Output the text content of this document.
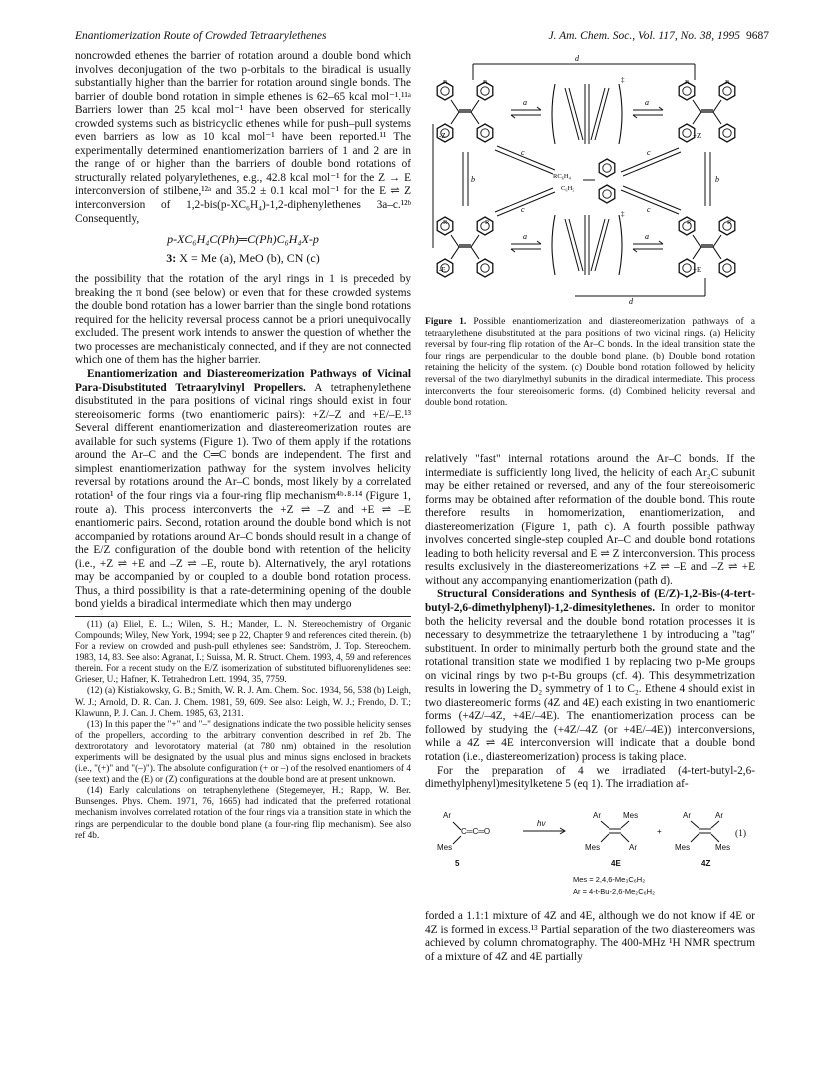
Enantiomerization Route of Crowded Tetraarylethenes	J. Am. Chem. Soc., Vol. 117, No. 38, 1995 9687

noncrowded ethenes the barrier of rotation around a double bond which involves deconjugation of the two p-orbitals to the biradical is usually substantially higher than the barrier for rotation around single bonds. The barrier of double bond rotation in simple ethenes is 62–65 kcal mol⁻¹.¹¹ᵃ Barriers lower than 25 kcal mol⁻¹ have been observed for sterically crowded systems such as bistricyclic ethenes while for push–pull systems even barriers as low as 10 kcal mol⁻¹ have been reported.¹¹ The experimentally determined enantiomerization barriers of 1 and 2 are in the range of or higher than the barriers of double bond rotations of structurally related polyarylethenes, e.g., 42.8 kcal mol⁻¹ for the Z → E interconversion of stilbene,¹²ᵃ and 35.2 ± 0.1 kcal mol⁻¹ for the E ⇌ Z interconversion of 1,2-bis(p-XC₆H₄)-1,2-diphenylethenes 3a–c.¹²ᵇ Consequently,

p-XC₆H₄C(Ph)═C(Ph)C₆H₄X-p
3: X = Me (a), MeO (b), CN (c)

the possibility that the rotation of the aryl rings in 1 is preceded by breaking the π bond (see below) or even that for these crowded systems the double bond rotation has a lower barrier than the single bond rotations required for the helicity reversal process cannot be a priori unequivocally excluded. The present work intends to answer the question of whether the two processes are mechanisticaly connected, and if they are not connected which one of them has the higher barrier.

Enantiomerization and Diastereomerization Pathways of Vicinal Para-Disubstituted Tetraarylvinyl Propellers. A tetraphenylethene disubstituted in the para positions of vicinal rings should exist in four stereoisomeric forms (two enantiomeric pairs): +Z/–Z and +E/–E.¹³ Several different enantiomerization and diastereomerization routes are available for such systems (Figure 1). Two of them apply if the rotations around the Ar–C and the C═C bonds are independent. The first and simplest enantiomerization pathway for the system involves helicity reversal by rotations around the Ar–C bonds, most likely by a correlated rotation¹ of the four rings via a four-ring flip mechanism⁴ᵇ·⁸·¹⁴ (Figure 1, route a). This process interconverts the +Z ⇌ –Z and +E ⇌ –E enantiomeric pairs. Second, rotation around the double bond which is not accompanied by rotations around Ar–C bonds should result in a change of the E/Z configuration of the double bond with retention of the helicity (i.e., +Z ⇌ +E and –Z ⇌ –E, route b). Alternatively, the aryl rotations may be accompanied by or coupled to a double bond rotation process. Thus, a third possibility is that a rate-determining opening of the double bond yields a biradical intermediate which then may undergo

(11) (a) Eliel, E. L.; Wilen, S. H.; Mander, L. N. Stereochemistry of Organic Compounds; Wiley, New York, 1994; see p 22, Chapter 9 and references cited therein. (b) For a review on crowded and push-pull ethylenes see: Sandström, J. Top. Stereochem. 1983, 14, 83. See also: Agranat, I.; Suissa, M. R. Struct. Chem. 1993, 4, 59 and references therein. For a recent study on the E/Z isomerization of substituted bifluorenylidenes see: Grieser, U.; Hafner, K. Tetrahedron Lett. 1994, 35, 7759.

(12) (a) Kistiakowsky, G. B.; Smith, W. R. J. Am. Chem. Soc. 1934, 56, 538 (b) Leigh, W. J.; Arnold, D. R. Can. J. Chem. 1981, 59, 609. See also: Leigh, W. J.; Frendo, D. T.; Klawunn, P. J. Can. J. Chem. 1985, 63, 2131.

(13) In this paper the "+" and "–" designations indicate the two possible helicity senses of the propellers, according to the arbitrary convention described in ref 2b. The dextrorotatory and levorotatory material (at 780 nm) obtained in the resolution experiments will be designated by the usual plus and minus signs enclosed in brackets (i.e., "(+)" and "(–)"). The absolute configuration (+ or –) of the resolved enantiomers of 4 (see text) and the (E) or (Z) configurations at the double bond are at present unknown.

(14) Early calculations on tetraphenylethene (Stegemeyer, H.; Rapp, W. Ber. Bunsenges. Phys. Chem. 1971, 76, 1665) had indicated that the preferred rotational mechanism involves correlated rotation of the four rings via a transition state in which the rings are perpendicular to the double bond plane (a four-ring flip mechanism). See also ref 4b.

d
d
-Z	+Z
-E	+E
R	R	R	R
R	R	R	R
‡
‡
a	a
a	a
b	b
c	c
c	c
RC₆H₄
C₆H₅
Figure 1. Possible enantiomerization and diastereomerization pathways of a tetraarylethene disubstituted at the para positions of two vicinal rings. (a) Helicity reversal by four-ring flip rotation of the Ar–C bonds. In the ideal transition state the four rings are perpendicular to the double bond plane. (b) Double bond rotation retaining the helicity of the system. (c) Double bond rotation followed by helicity reversal of the two diarylmethyl subunits in the diradical intermediate. This process interconverts the four stereoisomeric forms. (d) Combined helicity reversal and double bond rotation.

relatively "fast" internal rotations around the Ar–C bonds. If the intermediate is sufficiently long lived, the helicity of each Ar₂C subunit may be either retained or reversed, and any of the four stereoisomeric forms may be obtained after reformation of the double bond. This route therefore results in homomerization, enantiomerization, and diastereomerization (Figure 1, path c). A fourth possible pathway involves concerted single-step coupled Ar–C and double bond rotations leading to both helicity reversal and E ⇌ Z interconversion. This process results exclusively in the diastereomerizations +Z ⇌ –E and –Z ⇌ +E without any accompanying enantiomerization (path d).

Structural Considerations and Synthesis of (E/Z)-1,2-Bis-(4-tert-butyl-2,6-dimethylphenyl)-1,2-dimesitylethenes. In order to monitor both the helicity reversal and the double bond rotation processes it is necessary to desymmetrize the tetraarylethene 1 by introducing a "tag" substituent. In order to minimally perturb both the ground state and the rotational transition state we modified 1 by replacing two p-Me groups on vicinal rings by two p-t-Bu groups (cf. 4). This desymmetrization results in lowering the D₂ symmetry of 1 to C₂. Ethene 4 should exist in two diastereomeric forms (4Z and 4E) each existing in two enantiomeric forms (+4Z/–4Z, +4E/–4E). The enantiomerization process can be followed by studying the (+4Z/–4Z (or +4E/–4E)) interconversions, while a 4Z ⇌ 4E interconversion will indicate that a double bond rotation (i.e., diastereomerization) process is taking place.

For the preparation of 4 we irradiated (4-tert-butyl-2,6-dimethylphenyl)mesitylketene 5 (eq 1). The irradiation af-

Ar
Mes
C═C═O
5
hν
Ar	Mes
Mes	Ar
4E
+
Ar	Ar
Mes	Mes
4Z
(1)
Mes = 2,4,6-Me₃C₆H₂
Ar = 4-t-Bu-2,6-Me₂C₆H₂

forded a 1.1:1 mixture of 4Z and 4E, although we do not know if 4E or 4Z is formed in excess.¹³ Partial separation of the two diastereomers was achieved by column chromatography. The 400-MHz ¹H NMR spectrum of a mixture of 4Z and 4E partially
